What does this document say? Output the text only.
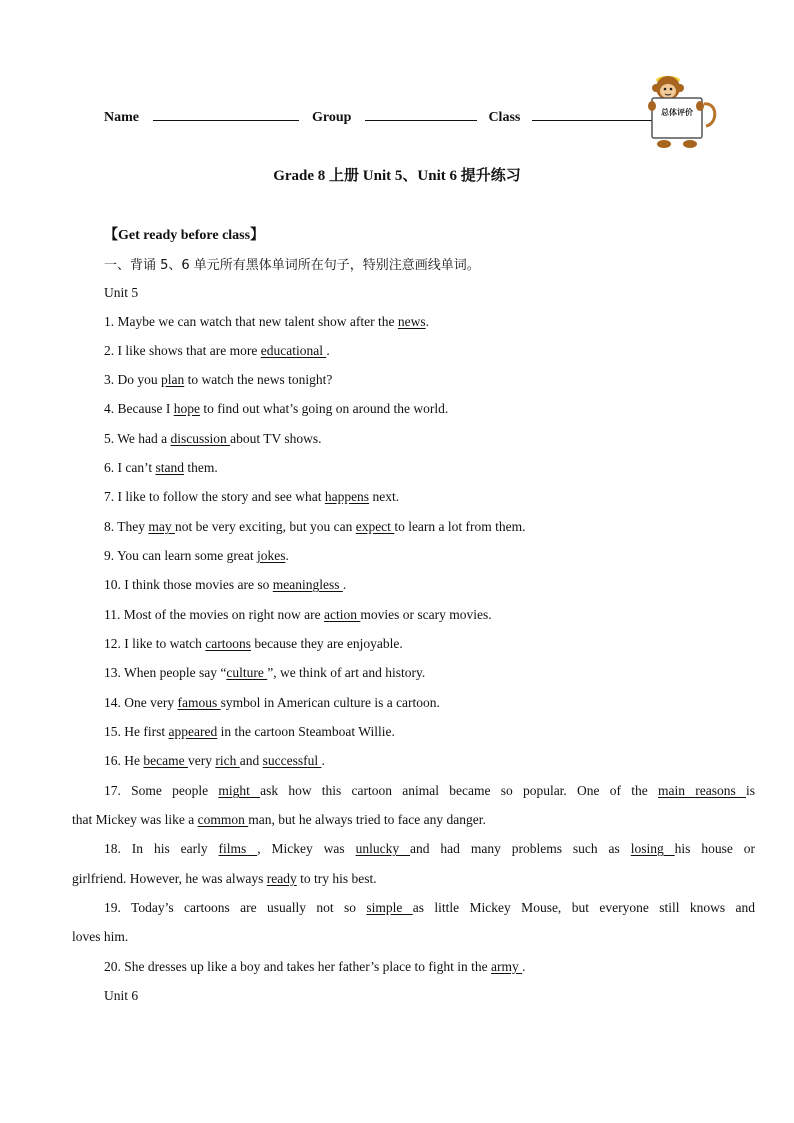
Name	Group	Class	总体评价
Grade 8 上册 Unit 5、Unit 6 提升练习
【Get ready before class】
一、背诵 5、6 单元所有黑体单词所在句子，特别注意画线单词。
Unit 5
1. Maybe we can watch that new talent show after the news.
2. I like shows that are more educational .
3. Do you plan to watch the news tonight?
4. Because I hope to find out what’s going on around the world.
5. We had a discussion about TV shows.
6. I can’t stand them.
7. I like to follow the story and see what happens next.
8. They may not be very exciting, but you can expect to learn a lot from them.
9. You can learn some great jokes.
10. I think those movies are so meaningless .
11. Most of the movies on right now are action movies or scary movies.
12. I like to watch cartoons because they are enjoyable.
13. When people say “culture ”, we think of art and history.
14. One very famous symbol in American culture is a cartoon.
15. He first appeared in the cartoon Steamboat Willie.
16. He became very rich and successful .
17. Some people might ask how this cartoon animal became so popular. One of the main reasons is
that Mickey was like a common man, but he always tried to face any danger.
18. In his early films , Mickey was unlucky and had many problems such as losing his house or
girlfriend. However, he was always ready to try his best.
19. Today’s cartoons are usually not so simple as little Mickey Mouse, but everyone still knows and
loves him.
20. She dresses up like a boy and takes her father’s place to fight in the army .
Unit 6
